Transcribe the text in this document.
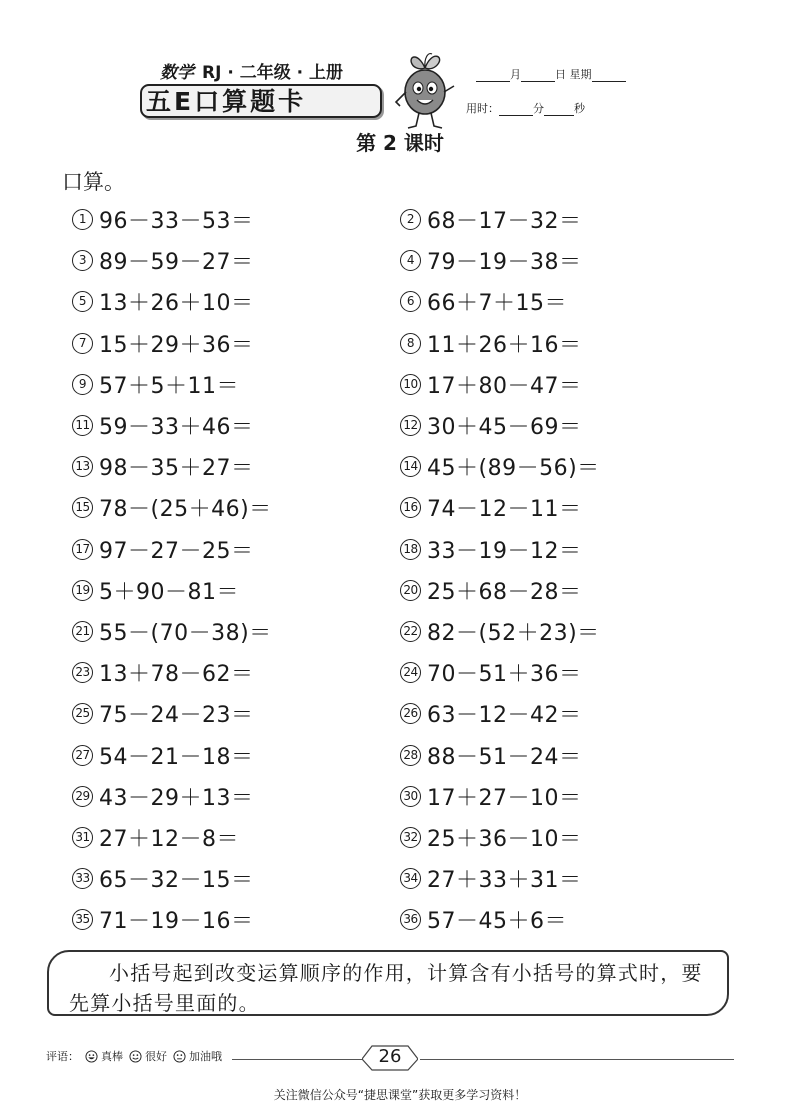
数学 RJ · 二年级 · 上册
五E口算题卡
月	日 星期
用时：	分	秒
第 2 课时
口算。
1 96－33－53＝
3 89－59－27＝
5 13＋26＋10＝
7 15＋29＋36＝
9 57＋5＋11＝
11 59－33＋46＝
13 98－35＋27＝
15 78－(25＋46)＝
17 97－27－25＝
19 5＋90－81＝
21 55－(70－38)＝
23 13＋78－62＝
25 75－24－23＝
27 54－21－18＝
29 43－29＋13＝
31 27＋12－8＝
33 65－32－15＝
35 71－19－16＝
2 68－17－32＝
4 79－19－38＝
6 66＋7＋15＝
8 11＋26＋16＝
10 17＋80－47＝
12 30＋45－69＝
14 45＋(89－56)＝
16 74－12－11＝
18 33－19－12＝
20 25＋68－28＝
22 82－(52＋23)＝
24 70－51＋36＝
26 63－12－42＝
28 88－51－24＝
30 17＋27－10＝
32 25＋36－10＝
34 27＋33＋31＝
36 57－45＋6＝

小括号起到改变运算顺序的作用，计算含有小括号的算式时，要先算小括号里面的。

评语： 真棒 很好 加油哦	26
关注微信公众号“捷思课堂”获取更多学习资料！
